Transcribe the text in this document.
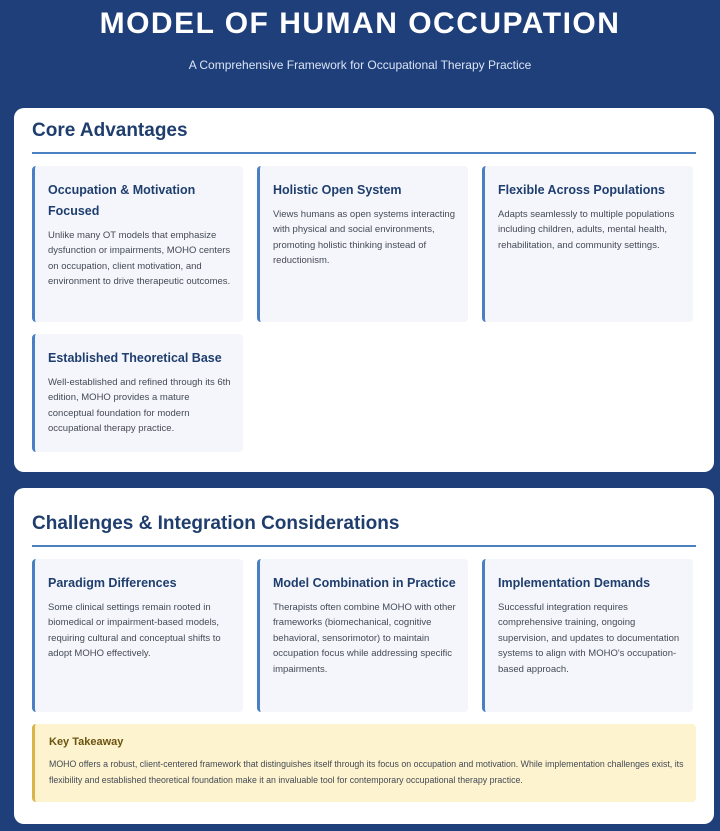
MODEL OF HUMAN OCCUPATION
A Comprehensive Framework for Occupational Therapy Practice
Core Advantages
Occupation & Motivation Focused
Unlike many OT models that emphasize dysfunction or impairments, MOHO centers on occupation, client motivation, and environment to drive therapeutic outcomes.
Holistic Open System
Views humans as open systems interacting with physical and social environments, promoting holistic thinking instead of reductionism.
Flexible Across Populations
Adapts seamlessly to multiple populations including children, adults, mental health, rehabilitation, and community settings.
Established Theoretical Base
Well-established and refined through its 6th edition, MOHO provides a mature conceptual foundation for modern occupational therapy practice.
Challenges & Integration Considerations
Paradigm Differences
Some clinical settings remain rooted in biomedical or impairment-based models, requiring cultural and conceptual shifts to adopt MOHO effectively.
Model Combination in Practice
Therapists often combine MOHO with other frameworks (biomechanical, cognitive behavioral, sensorimotor) to maintain occupation focus while addressing specific impairments.
Implementation Demands
Successful integration requires comprehensive training, ongoing supervision, and updates to documentation systems to align with MOHO's occupation-based approach.
Key Takeaway
MOHO offers a robust, client-centered framework that distinguishes itself through its focus on occupation and motivation. While implementation challenges exist, its flexibility and established theoretical foundation make it an invaluable tool for contemporary occupational therapy practice.
